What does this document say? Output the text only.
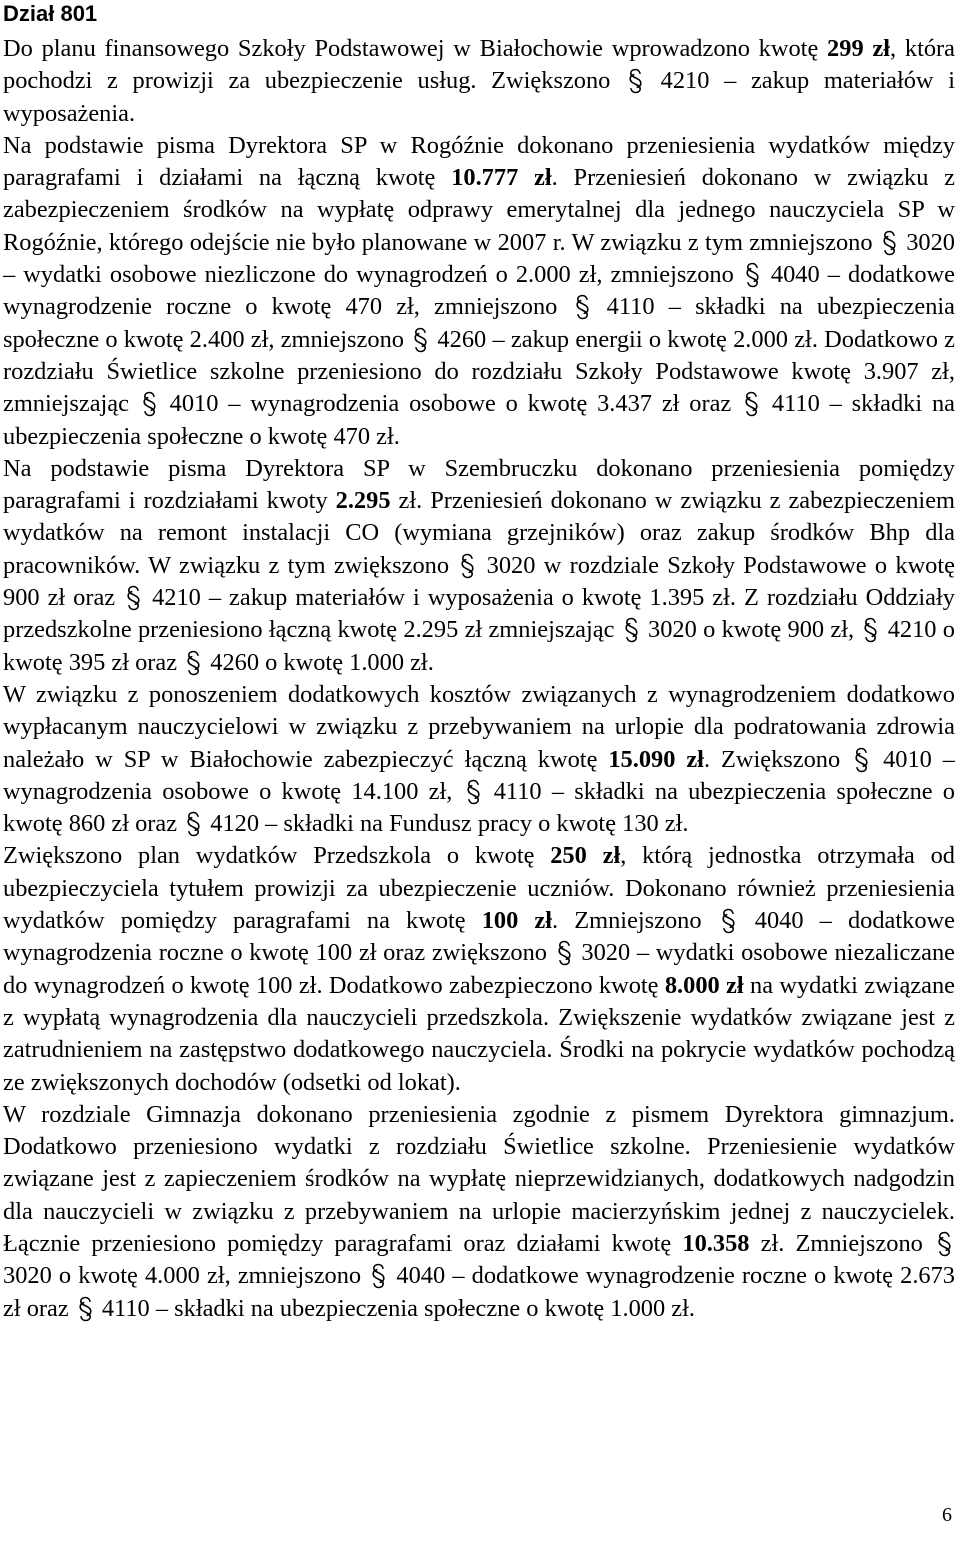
Dział 801

Do planu finansowego Szkoły Podstawowej w Białochowie wprowadzono kwotę 299 zł, która pochodzi z prowizji za ubezpieczenie usług. Zwiększono
4210 – zakup materiałów i wyposażenia.

Na podstawie pisma Dyrektora SP w Rogóźnie dokonano przeniesienia wydatków między paragrafami i działami na łączną kwotę 10.777 zł. Przeniesień dokonano w związku z zabezpieczeniem środków na wypłatę odprawy emerytalnej dla jednego nauczyciela SP w Rogóźnie, którego odejście nie było planowane w 2007 r. W związku z tym zmniejszono
3020 – wydatki osobowe niezliczone do wynagrodzeń o 2.000 zł, zmniejszono
4040 – dodatkowe wynagrodzenie roczne o kwotę 470 zł, zmniejszono
4110 – składki na ubezpieczenia społeczne o kwotę 2.400 zł, zmniejszono
4260 – zakup energii o kwotę 2.000 zł. Dodatkowo z rozdziału Świetlice szkolne przeniesiono do rozdziału Szkoły Podstawowe kwotę 3.907 zł, zmniejszając
4010 – wynagrodzenia osobowe o kwotę 3.437 zł oraz
4110 – składki na ubezpieczenia społeczne o kwotę 470 zł.

Na podstawie pisma Dyrektora SP w Szembruczku dokonano przeniesienia pomiędzy paragrafami i rozdziałami kwoty 2.295 zł. Przeniesień dokonano w związku z zabezpieczeniem wydatków na remont instalacji CO (wymiana grzejników) oraz zakup środków Bhp dla pracowników. W związku z tym zwiększono
3020 w rozdziale Szkoły Podstawowe o kwotę 900 zł oraz
4210 – zakup materiałów i wyposażenia o kwotę 1.395 zł. Z rozdziału Oddziały przedszkolne przeniesiono łączną kwotę 2.295 zł zmniejszając
3020 o kwotę 900 zł,
4210 o kwotę 395 zł oraz
4260 o kwotę 1.000 zł.

W związku z ponoszeniem dodatkowych kosztów związanych z wynagrodzeniem dodatkowo wypłacanym nauczycielowi w związku z przebywaniem na urlopie dla podratowania zdrowia należało w SP w Białochowie zabezpieczyć łączną kwotę 15.090 zł. Zwiększono
4010 – wynagrodzenia osobowe o kwotę 14.100 zł,
4110 – składki na ubezpieczenia społeczne o kwotę 860 zł oraz
4120 – składki na Fundusz pracy o kwotę 130 zł.

Zwiększono plan wydatków Przedszkola o kwotę 250 zł, którą jednostka otrzymała od ubezpieczyciela tytułem prowizji za ubezpieczenie uczniów. Dokonano również przeniesienia wydatków pomiędzy paragrafami na kwotę 100 zł. Zmniejszono
4040 – dodatkowe wynagrodzenia roczne o kwotę 100 zł oraz zwiększono
3020 – wydatki osobowe niezaliczane do wynagrodzeń o kwotę 100 zł. Dodatkowo zabezpieczono kwotę 8.000 zł na wydatki związane z wypłatą wynagrodzenia dla nauczycieli przedszkola. Zwiększenie wydatków związane jest z zatrudnieniem na zastępstwo dodatkowego nauczyciela. Środki na pokrycie wydatków pochodzą ze zwiększonych dochodów (odsetki od lokat).

W rozdziale Gimnazja dokonano przeniesienia zgodnie z pismem Dyrektora gimnazjum. Dodatkowo przeniesiono wydatki z rozdziału Świetlice szkolne. Przeniesienie wydatków związane jest z zapieczeniem środków na wypłatę nieprzewidzianych, dodatkowych nadgodzin dla nauczycieli w związku z przebywaniem na urlopie macierzyńskim jednej z nauczycielek. Łącznie przeniesiono pomiędzy paragrafami oraz działami kwotę 10.358 zł. Zmniejszono
3020 o kwotę 4.000 zł, zmniejszono
4040 – dodatkowe wynagrodzenie roczne o kwotę 2.673 zł oraz
4110 – składki na ubezpieczenia społeczne o kwotę 1.000 zł.

6
